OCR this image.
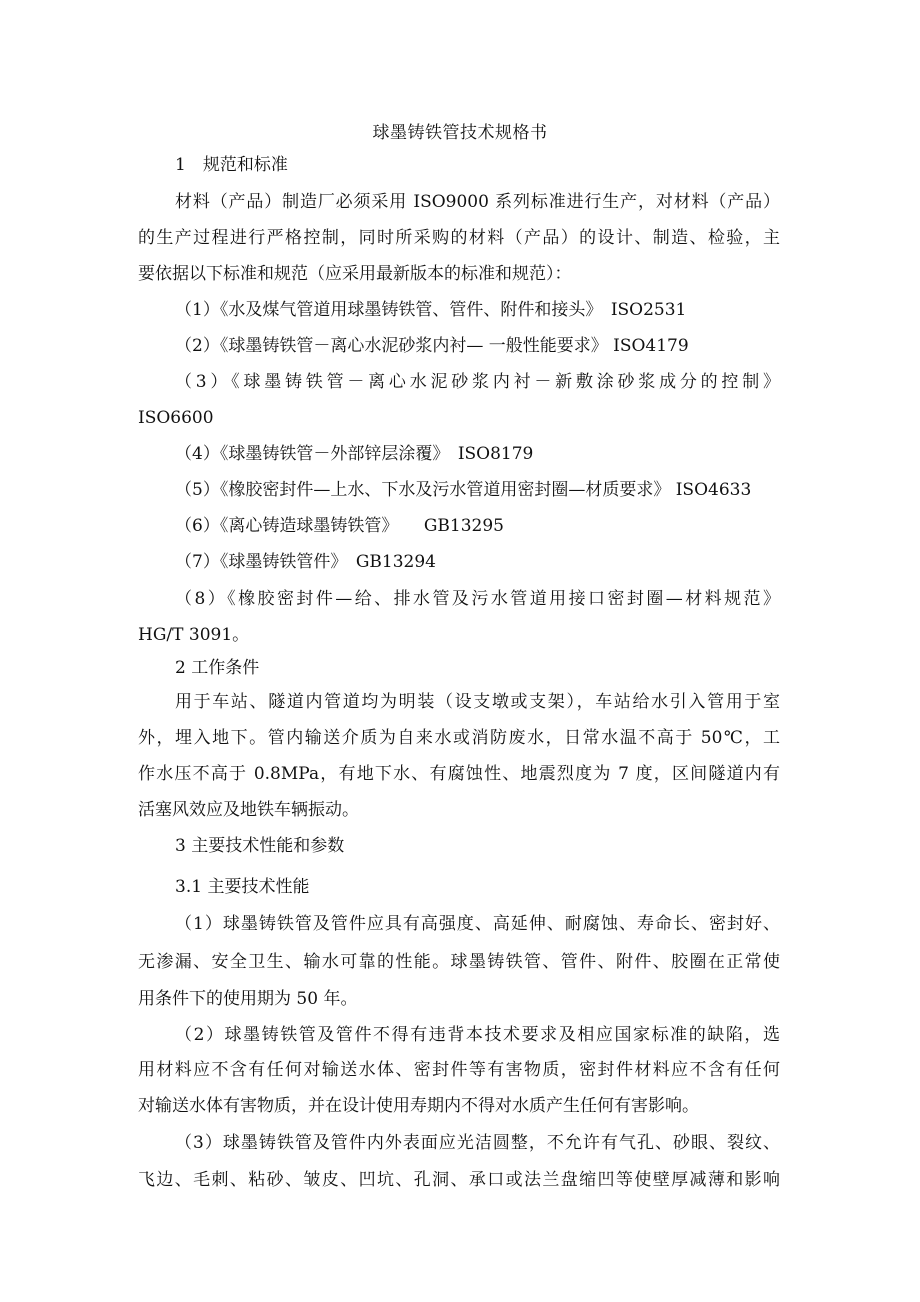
球墨铸铁管技术规格书
1　规范和标准
材料（产品）制造厂必须采用 ISO9000 系列标准进行生产，对材料（产品）
的生产过程进行严格控制，同时所采购的材料（产品）的设计、制造、检验，主
要依据以下标准和规范（应采用最新版本的标准和规范）：
（1）《水及煤气管道用球墨铸铁管、管件、附件和接头》　ISO2531
（2）《球墨铸铁管－离心水泥砂浆内衬— 一般性能要求》 ISO4179
（3）《球墨铸铁管－离心水泥砂浆内衬－新敷涂砂浆成分的控制》
ISO6600
（4）《球墨铸铁管－外部锌层涂覆》　ISO8179
（5）《橡胶密封件—上水、下水及污水管道用密封圈—材质要求》 ISO4633
（6）《离心铸造球墨铸铁管》　　GB13295
（7）《球墨铸铁管件》　GB13294
（8）《橡胶密封件—给、排水管及污水管道用接口密封圈—材料规范》
HG/T 3091。
2 工作条件
用于车站、隧道内管道均为明装（设支墩或支架），车站给水引入管用于室
外，埋入地下。管内输送介质为自来水或消防废水，日常水温不高于 50℃，工
作水压不高于 0.8MPa，有地下水、有腐蚀性、地震烈度为 7 度，区间隧道内有
活塞风效应及地铁车辆振动。
3 主要技术性能和参数
3.1 主要技术性能
（1）球墨铸铁管及管件应具有高强度、高延伸、耐腐蚀、寿命长、密封好、
无渗漏、安全卫生、输水可靠的性能。球墨铸铁管、管件、附件、胶圈在正常使
用条件下的使用期为 50 年。
（2）球墨铸铁管及管件不得有违背本技术要求及相应国家标准的缺陷，选
用材料应不含有任何对输送水体、密封件等有害物质，密封件材料应不含有任何
对输送水体有害物质，并在设计使用寿期内不得对水质产生任何有害影响。
（3）球墨铸铁管及管件内外表面应光洁圆整，不允许有气孔、砂眼、裂纹、
飞边、毛刺、粘砂、皱皮、凹坑、孔洞、承口或法兰盘缩凹等使壁厚减薄和影响
